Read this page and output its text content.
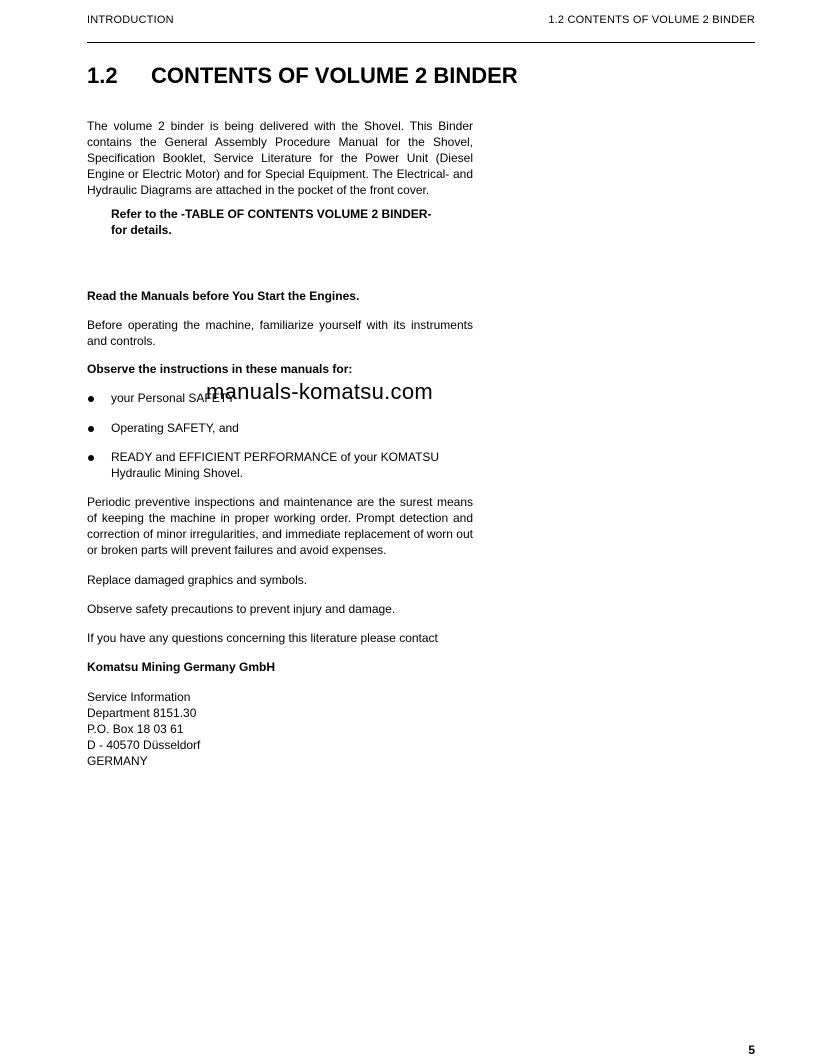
INTRODUCTION	1.2 CONTENTS OF VOLUME 2 BINDER
1.2 CONTENTS OF VOLUME 2 BINDER

The volume 2 binder is being delivered with the Shovel. This Binder contains the General Assembly Procedure Manual for the Shovel, Specification Booklet, Service Literature for the Power Unit (Diesel Engine or Electric Motor) and for Special Equipment. The Electrical- and Hydraulic Diagrams are attached in the pocket of the front cover.

Refer to the -TABLE OF CONTENTS VOLUME 2 BINDER-
for details.

Read the Manuals before You Start the Engines.

Before operating the machine, familiarize yourself with its instruments and controls.

Observe the instructions in these manuals for:

your Personal SAFETY
Operating SAFETY, and
READY and EFFICIENT PERFORMANCE of your KOMATSU Hydraulic Mining Shovel.

Periodic preventive inspections and maintenance are the surest means of keeping the machine in proper working order. Prompt detection and correction of minor irregularities, and immediate replacement of worn out or broken parts will prevent failures and avoid expenses.

Replace damaged graphics and symbols.

Observe safety precautions to prevent injury and damage.

If you have any questions concerning this literature please contact

Komatsu Mining Germany GmbH

Service Information

Department 8151.30

P.O. Box 18 03 61

D - 40570 Düsseldorf

GERMANY

manuals-komatsu.com
5
